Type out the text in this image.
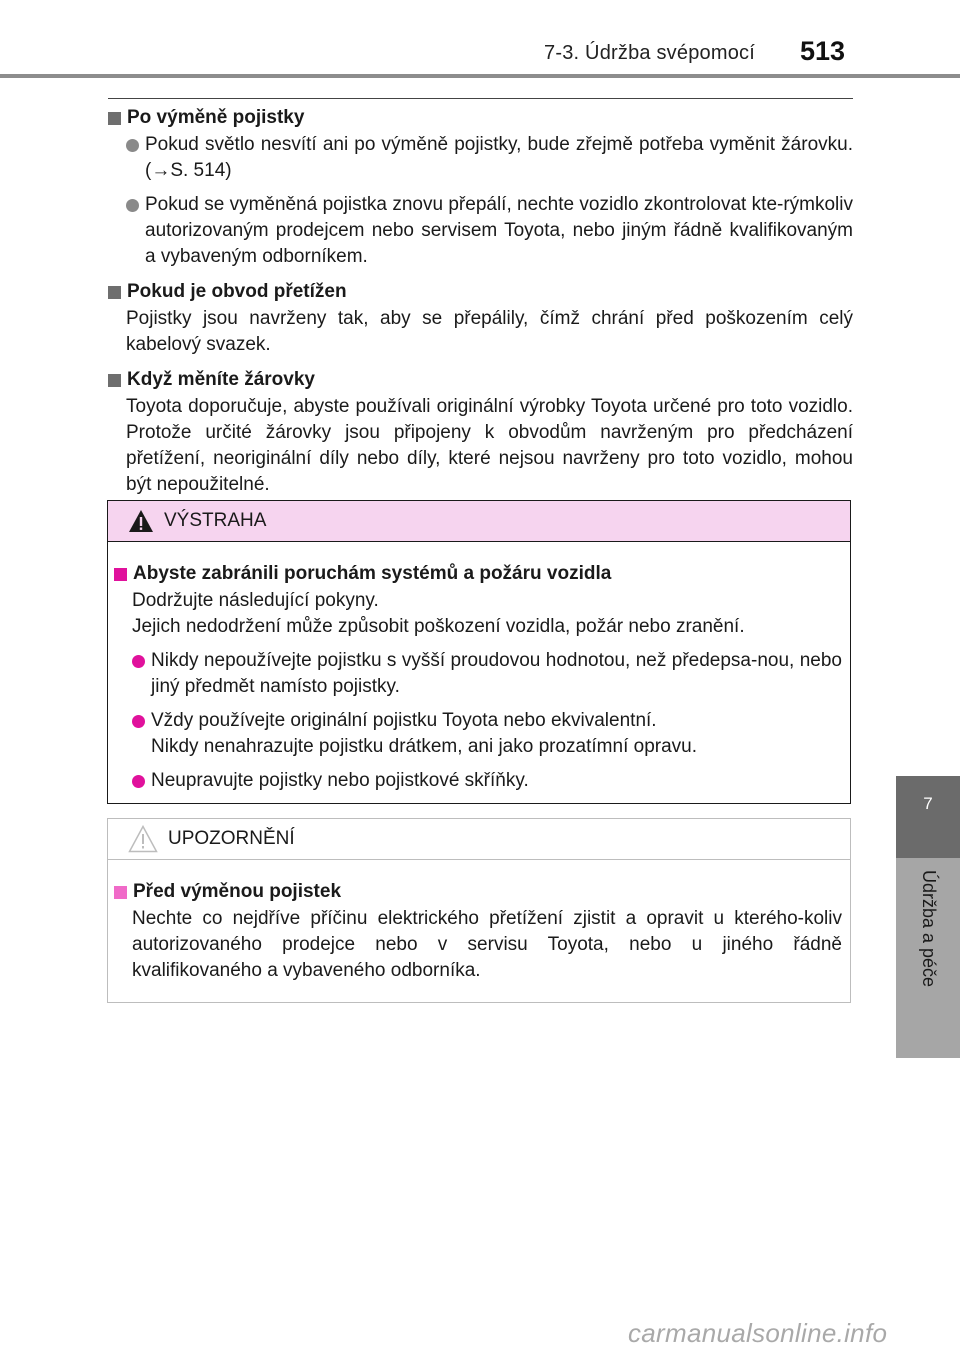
7-3. Údržba svépomocí 513
7
Údržba a péče
Po výměně pojistky
Pokud světlo nesvítí ani po výměně pojistky, bude zřejmě potřeba vyměnit žárovku. (→S. 514)
Pokud se vyměněná pojistka znovu přepálí, nechte vozidlo zkontrolovat kte-rýmkoliv autorizovaným prodejcem nebo servisem Toyota, nebo jiným řádně kvalifikovaným a vybaveným odborníkem.
Pokud je obvod přetížen

Pojistky jsou navrženy tak, aby se přepálily, čímž chrání před poškozením celý kabelový svazek.

Když měníte žárovky

Toyota doporučuje, abyste používali originální výrobky Toyota určené pro toto vozidlo. Protože určité žárovky jsou připojeny k obvodům navrženým pro předcházení přetížení, neoriginální díly nebo díly, které nejsou navrženy pro toto vozidlo, mohou být nepoužitelné.

VÝSTRAHA
Abyste zabránili poruchám systémů a požáru vozidla
Dodržujte následující pokyny.
Jejich nedodržení může způsobit poškození vozidla, požár nebo zranění.
Nikdy nepoužívejte pojistku s vyšší proudovou hodnotou, než předepsa-nou, nebo jiný předmět namísto pojistky.
Vždy používejte originální pojistku Toyota nebo ekvivalentní.
Nikdy nenahrazujte pojistku drátkem, ani jako prozatímní opravu.
Neupravujte pojistky nebo pojistkové skříňky.
UPOZORNĚNÍ
Před výměnou pojistek

Nechte co nejdříve příčinu elektrického přetížení zjistit a opravit u kterého-koliv autorizovaného prodejce nebo v servisu Toyota, nebo u jiného řádně kvalifikovaného a vybaveného odborníka.

carmanualsonline.info
